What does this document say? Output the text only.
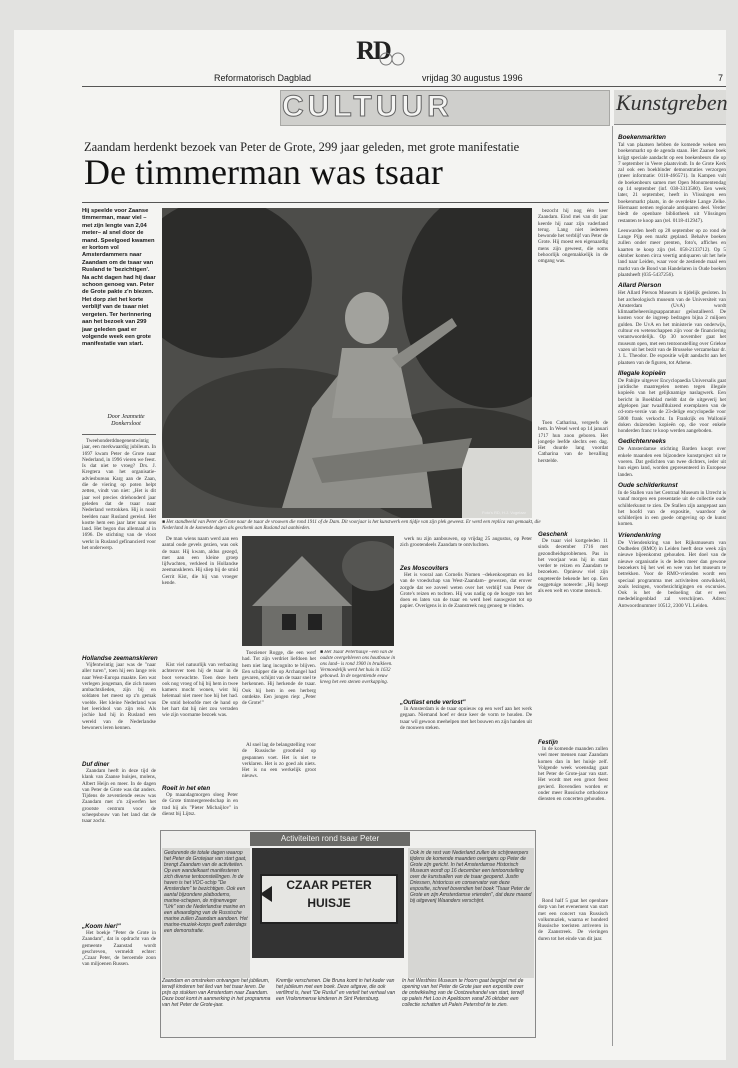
RD
Reformatorisch Dagblad	vrijdag 30 augustus 1996	7
CULTUUR	Kunstgreben
Zaandam herdenkt bezoek van Peter de Grote, 299 jaar geleden, met grote manifestatie
De timmerman was tsaar
Hij speelde voor Zaanse timmerman, maar viel –met zijn lengte van 2,04 meter– al snel door de mand. Speelgoed kwamen er kortom vol Amsterdammers naar Zaandam om de tsaar van Rusland te 'bezichtigen'. Na acht dagen had hij daar schoon genoeg van. Peter de Grote pakte z'n biezen. Het dorp ziet het korte verblijf van de tsaar niet vergeten. Ter herinnering aan het bezoek van 299 jaar geleden gaat er volgende week een grote manifestatie van start.
Door Jeannette Donkersloot

Tweehonderddnegenentwintig jaar, een merkwaardig jubileum. In 1697 kwam Peter de Grote naar Nederland, in 1996 vieren we feest. Is dat niet te vroeg? Drs. J. Kregtera van het organisatie-adviesbureau Karg aan de Zaan, die de viering op poten helpt zetten, vindt van niet: „Het is dit jaar wel precies driehonderd jaar geleden dat de tsaar naar Nederland vertrokken. Hij is nooit beelden naar Rusland gereisd. Het kostte hem een jaar later naar ons land. Het begon dus allemaal al in 1696. De stichting van de vloot werkt in Rusland gefinancierd voor het onderwerp.

Hollandse zeemanskleren

Vijfentwintig jaar was de "naar aller turen", toen hij een lange reis naar West-Europa maakte. Een wat verlegen jongeman, die zich tussen ambachtslieden, zijn bij en soldaten het meest op z'n gemak voelde. Het kleine Nederland was het leeridool van zijn reis. Als jochie had hij in Rusland een wereld van de Nederlandse bewoners leren kennen.

Duf diner

Zaandam heeft in deze tijd de klank van Zaanse huisjes, molens, Albert Heijn en meer. In de dagen van Peter de Grote was dat anders. Tijdens de zeventiende eeuw was Zaandam met z'n zijwerfen het grootste centrum voor de scheepsbouw van het land dat de tsaar zocht.

„Koom hier!"

Het boekje "Peter de Grote in Zaandam", dat in opdracht van de gemeente Zaanstad wordt geschreven, vermeldt echter: „Czaar Peter, de beroemde zoon van miljoenen Russen.

Foto's RD, H.J. Vogelaar
■ Het standbeeld van Peter de Grote naar de tsaar de vrouwen die rond 1911 of de Dam. Dit voorjaar is het kunstwerk een tijdje van zijn plek geweest. Er werd een replica van gemaakt, die Nederland in de komende dagen als geschenk aan Rusland zal aanbieden.

bezocht hij nog één keer Zaandam. Eind mei van dit jaar keerde hij naar zijn vaderland terug. Lang niet iedereen bewonde het verblijf van Peter de Grote. Hij moest een eigenaardig mens zijn geweest, die soms behoorlijk ongemakkelijk in de omgang was.

Toen Catharina, vergeefs de hem. In Wesel werd op 14 januari 1717 hun zoon geboren. Het jongetje leefde slechts een dag. Het duurde lang voordat Catharina van de bevalling herstelde.

Geschenk

De tsaar viel kortgeleden 11 sinds december 1716 met gezondheidsproblemen. Pas in het voorjaar was hij in staat verder te reizen en Zaandam te bezoeken. Opnieuw viel zijn ongeteerde bekende het op. Een ooggetuige noteerde: „Hij hoegt als een welt en vrome mensch.

Festijn

In de komende maanden zullen veel meer mensen naar Zaandam komen dan in het huisje zelf. Volgende week woensdag gaat het Peter de Grote-jaar van start. Het wordt met een groot feest gevierd. Bovendien worden er onder meer Russische orthodoxe diensten en concerten gehouden.

Rond half 5 gaat het openbare dorp van het evenement van start met een concert van Russisch volksmuziek, waarna er honderd Russische toeristen arriveren in de Zaanstreek. De vieringen duren tot het einde van dit jaar.

De man wiens naam werd aan een aantal oude gevels gezien, was ook de tsaar. Hij kwam, aldus gezegd, met aan een kleine groep lijfwachten, verkleed in Hollandse zeemanskleren. Hij sliep bij de smid Gerrit Kist, die hij van vroeger kende.

Kist viel natuurlijk van verbazing achterover toen hij de tsaar in de boot verwachtte. Toen deze hem ook nog vroeg of hij bij hem in twee kamers mocht wonen, wist hij helemaal niet meer hoe hij het had. De smid beloofde met de hand op het hart dat hij niet zou verraden wie zijn voorname bezoek was.

Roeit in het eten

Op maandagmorgen sloeg Peter de Grote timmergereedschap in en trad hij als "Pieter Michaijlov" in dienst bij Lijtsz.

Toeziener Rogge, die een werf had. Tot zijn verdriet liefdoen het hem niet lang incognito te blijven. Een schipper die op Archangel had gevaren, schijnt van de tsaar snel te herkennen. Hij herkende de tsaar. Ook hij hem in een herberg ontdekte. Een jongen riep: „Peter de Grote!"

Al snel lag de belangstelling voor de Russische grootheid op gespannen voet. Het is niet te verklaren. Het is zo goed als niets. Het is nu een werkelijk groot nieuws.

■ Het Tsaar Peterhuisje –een van de oudste overgebleven ons houtbouw in ons land– is rond 1900 in bruikleen. Vermoedelijk werd het huis in 1632 gebouwd. In de negentiende eeuw kreeg het een stenen overkapping.

werk nu zijn aanbouwen, op vrijdag 25 augustus, op Peter zich grootendeels Zaandam te ontvluchten.

Zes Moscoviters

Het is vooral aan Cornelis Nomen –dekenkoopman en lid van de vroedschap van West-Zaandam– gewezen, dat erover zorgde dat we zoveel weten over het verblijf van Peter de Grote's reizen en tochten. Hij was nadig op de hoogte van het doen en laten van de tsaar en werd heel nauwgezet tot op papier. Overigens is in de Zaanstreek nog genoeg te vinden.

„Outlast ende verlost"

In Amsterdam is de tsaar opnieuw op een werf aan het werk gegaan. Niemand hoef er deze keer de vorm te houden. De tsaar wil gewoon meehelpen met het bouwen en zijn handen uit de mouwen steken.

Activiteiten rond tsaar Peter
Gedurende de totale dagen waarop het Peter de Grotejaar van start gaat, brengt Zaandam van de activiteiten. Op een wandelkaart manifesteren zich diverse tentoonstellingen. In de haven is het VOC-schip "De Amsterdam" te bezichtigen. Ook een aantal bijzondere platbodems, marine-schepen, de mijnenveger "Urk" van de Nederlandse marine en een afvaardiging van de Russische marine zullen Zaandam aandoen. Het marine-muziek-korps geeft zaterdags een demonstratie.
CZAAR PETER
HUISJE
Ook in de rest van Nederland zullen de schijnwerpers tijdens de komende maanden overigens op Peter de Grote zijn gericht. In het Amsterdamse Historisch Museum wordt op 16 december een tentoonstelling over de kunstsallen van de tsaar geopend. Justin Driessen, historicus en conservator van deze expositie, schreef bovendien het boek "Tsaar Peter de Grote en zijn Amsterdamse vrienden", dat deze maand bij uitgeverij Waanders verschijnt.
Zaandam en omstreken ontvangen het jubileum, terwijl kinderen het lied van het tsaar leren. De prijs op stukken van Amsterdam naar Zaandam. Deze boot komt in aanmerking in het programma van het Peter de Grote-jaar.
Kremlje verschenen. Die Bruna komt in het kader van het jubileum met een boek. Deze uitgave, die ook verfilmd is, heet "De Ruslui" en vertelt het verhaal van een Vrolommense kinderen in Sint Petersburg.
In het Westfries Museum te Hoorn gaat begrijpt met de opening van het Peter de Grote jaar een expositie over de ontwikkeling van de Oostzeehandel van start, terwijl op paleis Het Loo in Apeldoorn vanaf 26 oktober een collectie schatten uit Paleis Petershof te te zien.
Boekenmarkten
Tal van plaatsen hebben de komende weken een boekenmarkt op de agenda staan. Het Zaanse boek krijgt speciale aandacht op een boekenbeurs die op 7 september in Veere plaatsvindt. In de Grote Kerk zal ook een boekbinder demonstraties verzorgen (meer informatie: 0118-466571). In Kampen vult de boekenbeurs samen met Open Monumentendag op 14 september (inf. 038-3313580). Een week later, 21 september, heeft in Vlissingen een boekenmarkt plaats, in de overdekte Lange Zelke. Hiernaast nemen regionale antiquaren deel. Verder biedt de openbare bibliotheek uit Vlissingen restanten te koop aan (tel. 0118-412947).
Leeuwarden heeft op 28 september op zo rond de Lange Pijp een markt gepland. Behalve boeken zullen onder meer prenten, foto's, affiches en kaarten te koop zijn (tel. 058-2133712). Op 5 oktober komen circa veertig antiquaren uit het hele land naar Leiden, waar voor de zestiende maal een markt van de Bond van Handelaren in Oude boeken plaatsheeft (035-5437256).
Allard Pierson
Het Allard Pierson Museum is tijdelijk gesloten. In het archeologisch museum van de Universiteit van Amsterdam (UvA) wordt klimaatbeheersingsapparatuur geïnstalleerd. De kosten voor de ingreep bedragen bijna 2 miljoen gulden. De UvA en het ministerie van onderwijs, cultuur en wetenschappen zijn voor de financiering verantwoordelijk. Op 30 november gaat het museum open, met een tentoonstelling over Griekse vazen uit het bezit van de Brusselse verzamelaar dr. J. L. Theodor. De expositie wijdt aandacht aan het plaatsen van de figuren, tot Athene.
Illegale kopieën
De Pabijte uitgever Encyclopaedia Universalis gaat juridische maatregelen nemen tegen illegale kopieën van het gelijknamige naslagwerk. Een bericht in Boekblad meldt dat de uitgeverij het afgelopen jaar twaalfduizend exemplaren van de cd-rom-versie van de 23-delige encyclopedie voor 5000 frank verkocht. In Frankrijk en Wallonië doken duizenden kopieën op, die voor enkele honderden franc te koop werden aangeboden.
Gedichtenreeks
De Amsterdamse stichting Barden koopt over enkele maanden een bijzondere kunstproject uit te voeren. Dat gedichten van twee dichters, ieder uit hun eigen land, worden gepresenteerd in Europese landen.
Oude schilderkunst
In de Stallen van het Centraal Museum in Utrecht is vanaf morgen een presentatie uit de collectie oude schilderkunst te zien. De Stallen zijn aangepast aan het hoofd van de expositie, waardoor de schilderijen in een goede omgeving op de kunst komen.
Vriendenkring
De Vriendenkring van het Rijksmuseum van Oudheden (RMO) in Leiden heeft deze week zijn nieuwe bijeenkomst gehouden. Het doel van de nieuwe organisatie is de leden meer dan gewone bezoekers bij het wel en wee van het museum te betrekken. Voor de RMO-vrienden wordt een speciaal programma met activiteiten ontwikkeld, zoals lezingen, voorbezichtigingen en excursies. Ook is het de bedoeling dat er een mededelingenblad zal verschijnen. Adres: Antwoordnummer 10512, 2300 VL Leiden.
